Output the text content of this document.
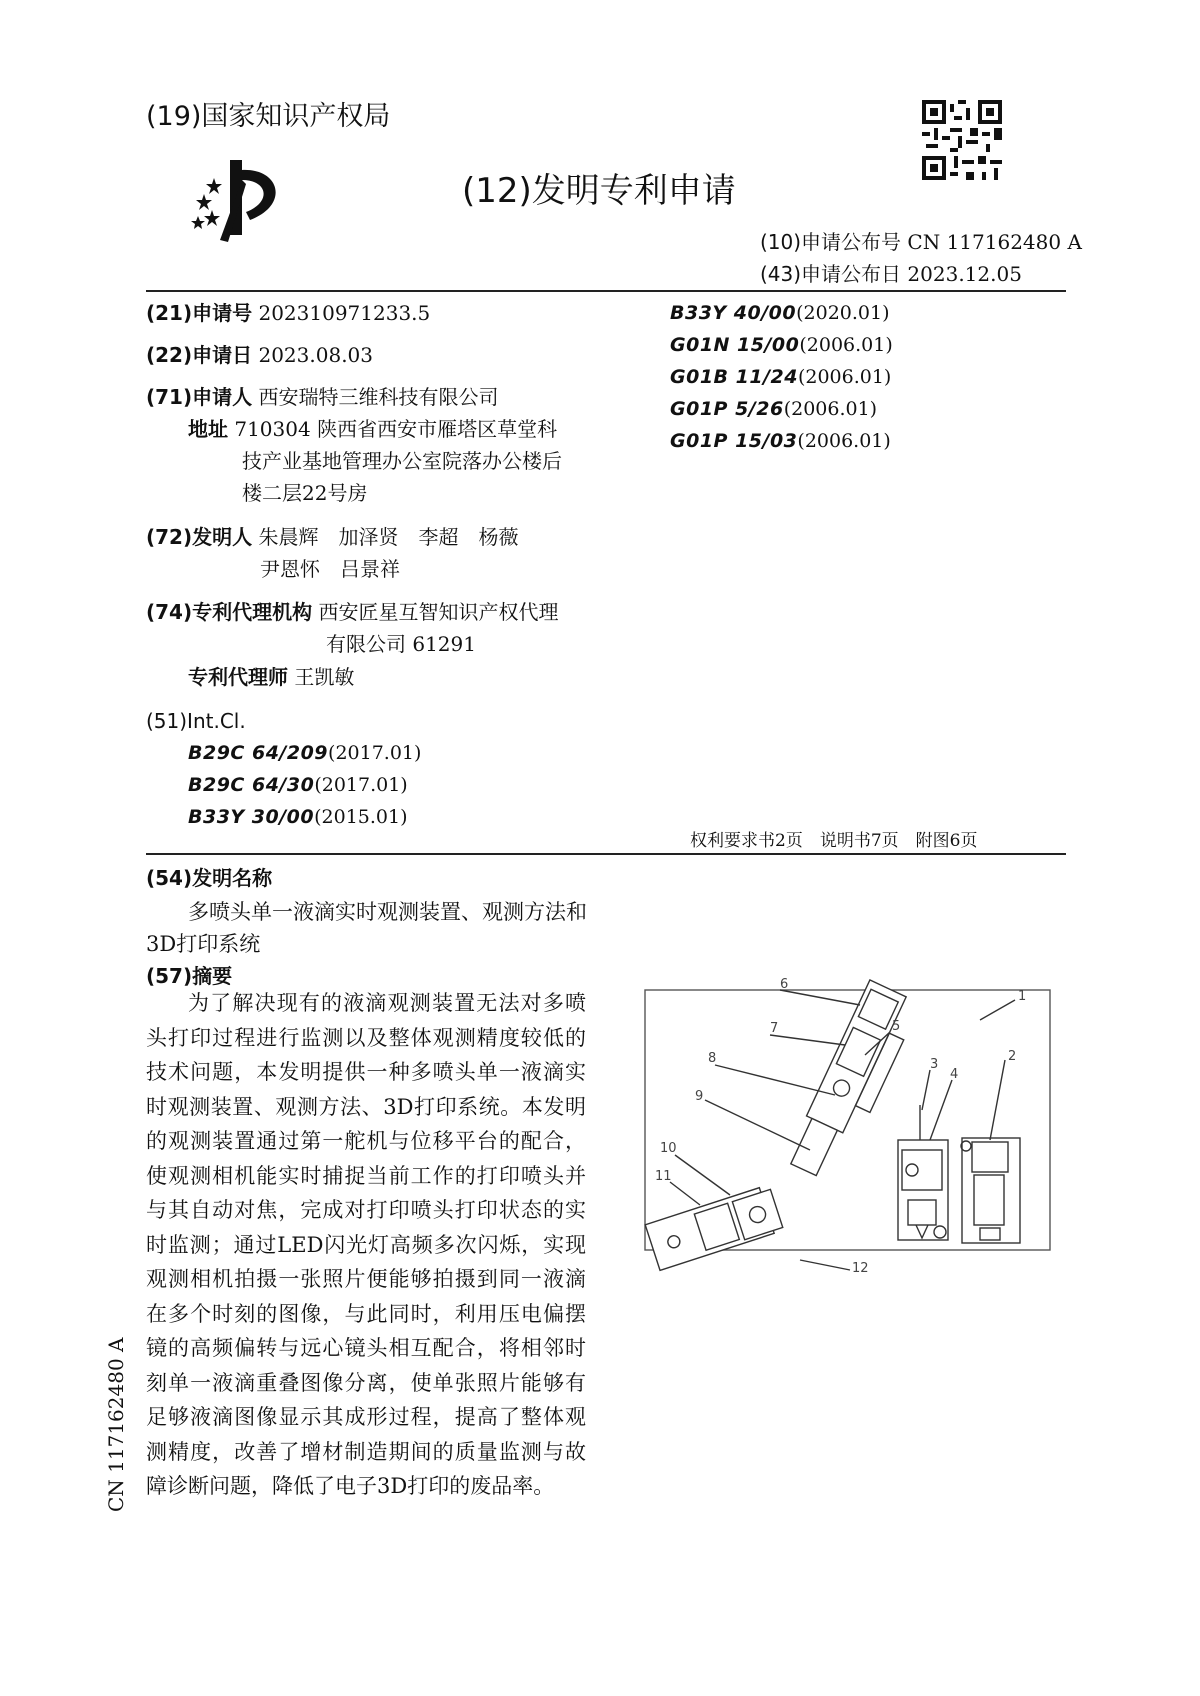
(19)国家知识产权局
(12)发明专利申请
(10)申请公布号 CN 117162480 A
(43)申请公布日 2023.12.05
(21)申请号 202310971233.5
(22)申请日 2023.08.03
(71)申请人 西安瑞特三维科技有限公司
地址 710304 陕西省西安市雁塔区草堂科
技产业基地管理办公室院落办公楼后
楼二层22号房
(72)发明人 朱晨辉　加泽贤　李超　杨薇
尹恩怀　吕景祥
(74)专利代理机构 西安匠星互智知识产权代理
有限公司 61291
专利代理师 王凯敏
(51)Int.Cl.
B29C 64/209(2017.01)
B29C 64/30(2017.01)
B33Y 30/00(2015.01)
B33Y 40/00(2020.01)
G01N 15/00(2006.01)
G01B 11/24(2006.01)
G01P 5/26(2006.01)
G01P 15/03(2006.01)
权利要求书2页　说明书7页　附图6页
(54)发明名称
多喷头单一液滴实时观测装置、观测方法和
3D打印系统
(57)摘要

为了解决现有的液滴观测装置无法对多喷头打印过程进行监测以及整体观测精度较低的技术问题，本发明提供一种多喷头单一液滴实时观测装置、观测方法、3D打印系统。本发明的观测装置通过第一舵机与位移平台的配合，使观测相机能实时捕捉当前工作的打印喷头并与其自动对焦，完成对打印喷头打印状态的实时监测；通过LED闪光灯高频多次闪烁，实现观测相机拍摄一张照片便能够拍摄到同一液滴在多个时刻的图像，与此同时，利用压电偏摆镜的高频偏转与远心镜头相互配合，将相邻时刻单一液滴重叠图像分离，使单张照片能够有足够液滴图像显示其成形过程，提高了整体观测精度，改善了增材制造期间的质量监测与故障诊断问题，降低了电子3D打印的废品率。

1
2
3
4
5
6
7
8
9
10
11
12
CN 117162480 A
